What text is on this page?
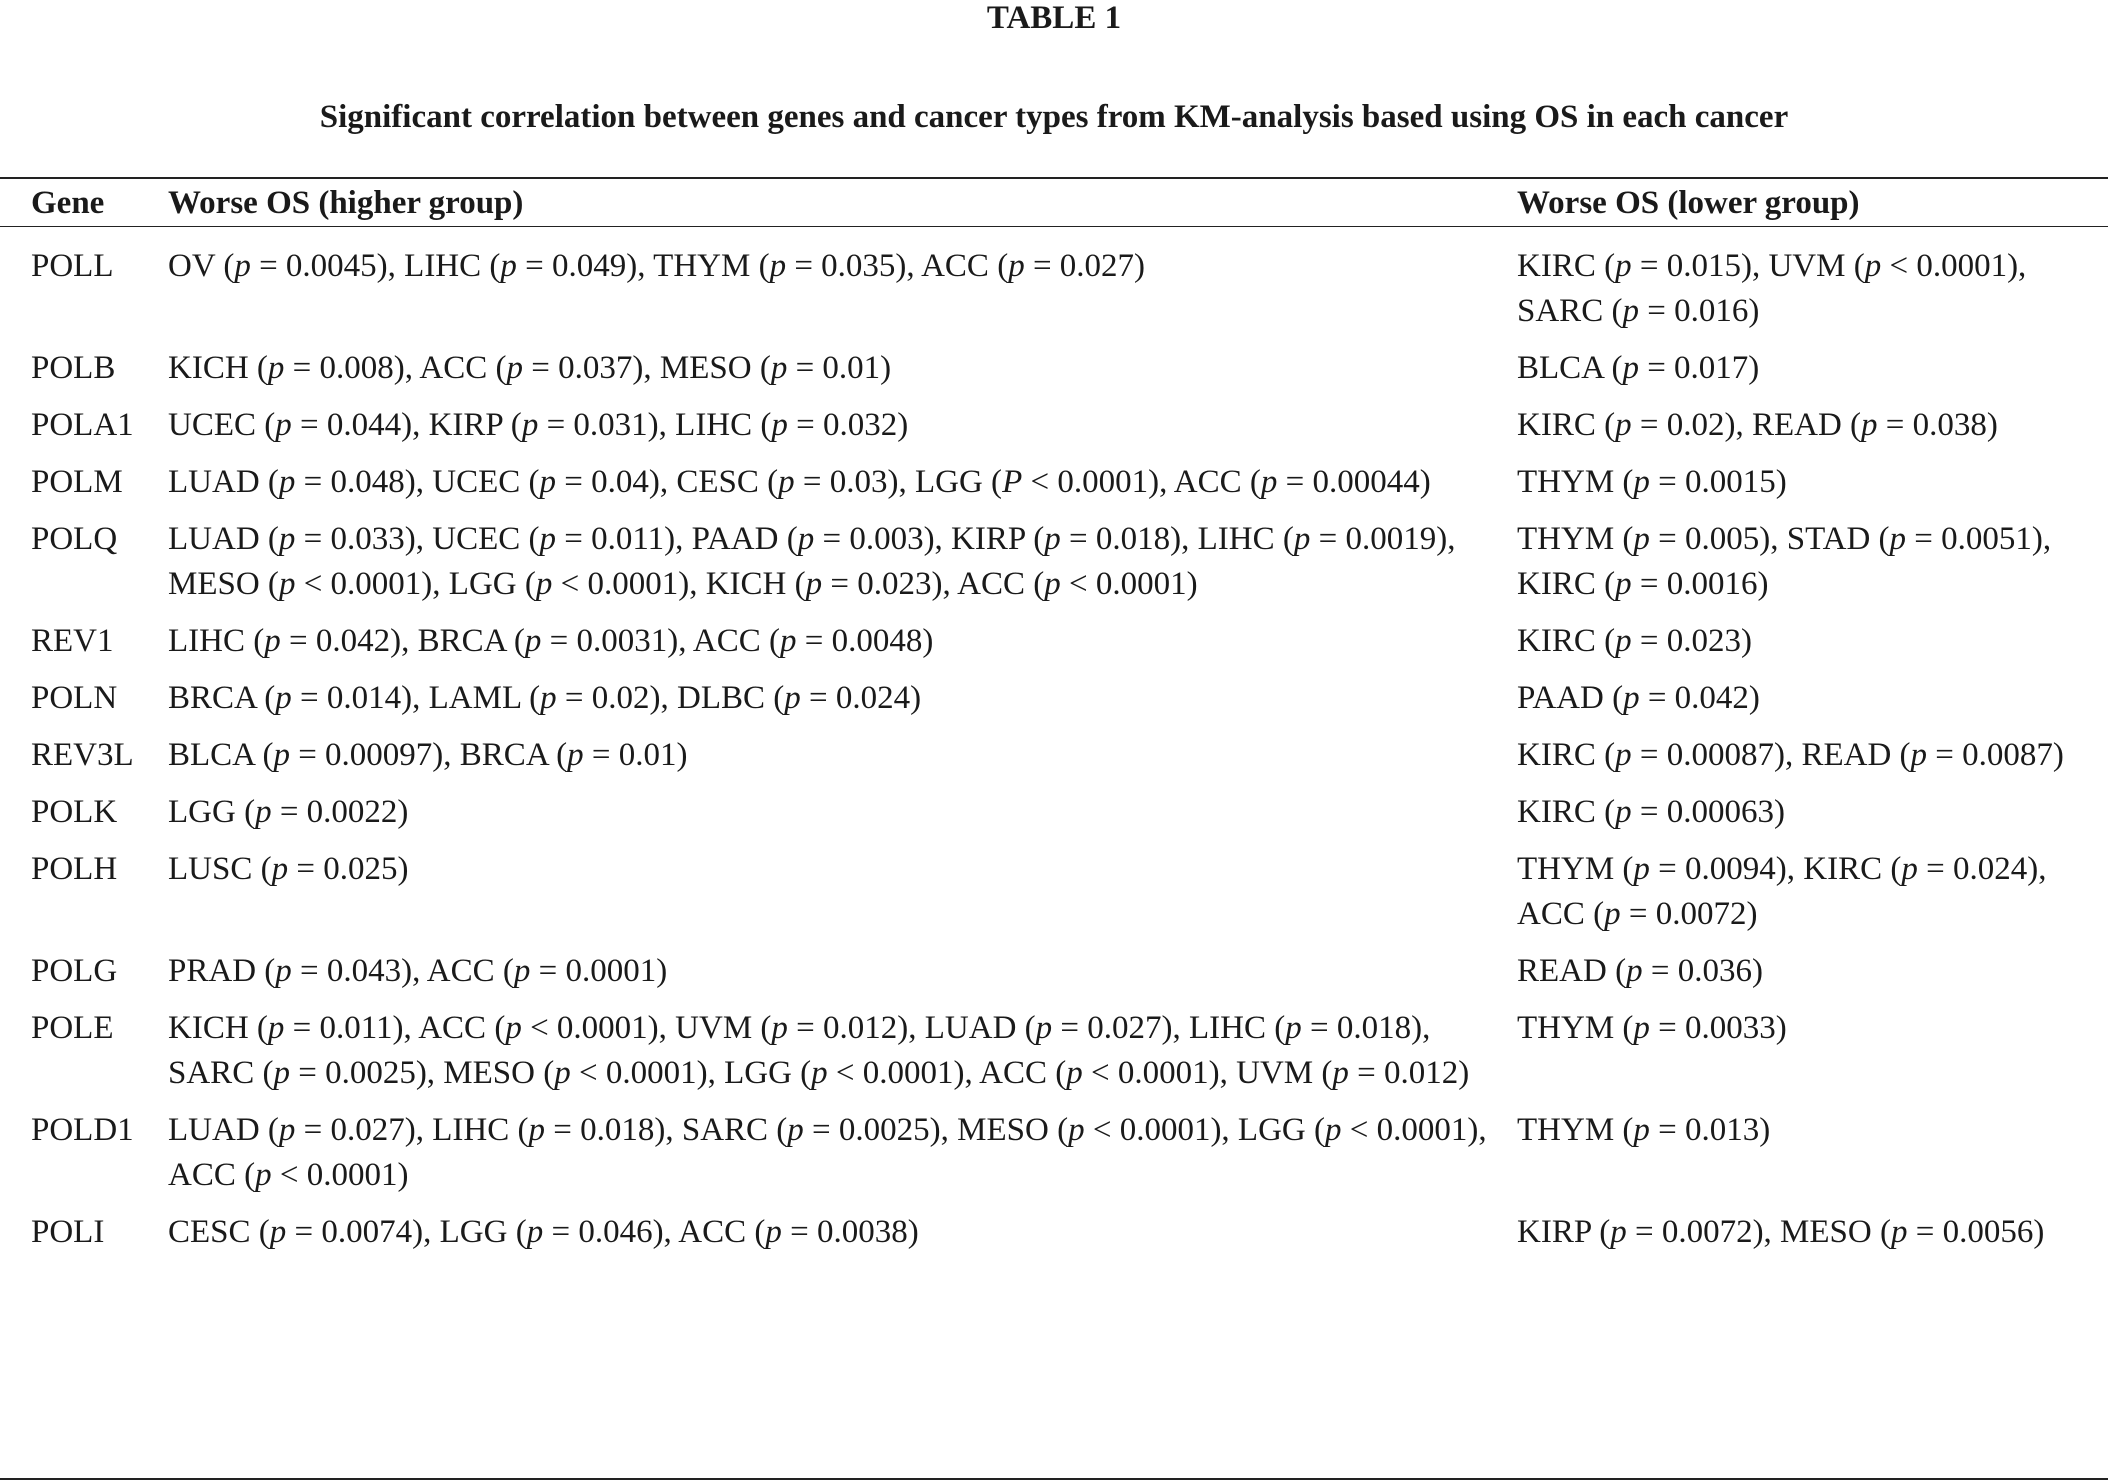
TABLE 1

Significant correlation between genes and cancer types from KM-analysis based using OS in each cancer

Gene	Worse OS (higher group)	Worse OS (lower group)
POLL	OV (p = 0.0045), LIHC (p = 0.049), THYM (p = 0.035), ACC (p = 0.027)	KIRC (p = 0.015), UVM (p < 0.0001), SARC (p = 0.016)

POLB	KICH (p = 0.008), ACC (p = 0.037), MESO (p = 0.01)	BLCA (p = 0.017)

POLA1	UCEC (p = 0.044), KIRP (p = 0.031), LIHC (p = 0.032)	KIRC (p = 0.02), READ (p = 0.038)

POLM	LUAD (p = 0.048), UCEC (p = 0.04), CESC (p = 0.03), LGG (P < 0.0001), ACC (p = 0.00044)	THYM (p = 0.0015)

POLQ	LUAD (p = 0.033), UCEC (p = 0.011), PAAD (p = 0.003), KIRP (p = 0.018), LIHC (p = 0.0019), MESO (p < 0.0001), LGG (p < 0.0001), KICH (p = 0.023), ACC (p < 0.0001)	THYM (p = 0.005), STAD (p = 0.0051), KIRC (p = 0.0016)

REV1	LIHC (p = 0.042), BRCA (p = 0.0031), ACC (p = 0.0048)	KIRC (p = 0.023)

POLN	BRCA (p = 0.014), LAML (p = 0.02), DLBC (p = 0.024)	PAAD (p = 0.042)

REV3L	BLCA (p = 0.00097), BRCA (p = 0.01)	KIRC (p = 0.00087), READ (p = 0.0087)

POLK	LGG (p = 0.0022)	KIRC (p = 0.00063)

POLH	LUSC (p = 0.025)	THYM (p = 0.0094), KIRC (p = 0.024), ACC (p = 0.0072)

POLG	PRAD (p = 0.043), ACC (p = 0.0001)	READ (p = 0.036)

POLE	KICH (p = 0.011), ACC (p < 0.0001), UVM (p = 0.012), LUAD (p = 0.027), LIHC (p = 0.018), SARC (p = 0.0025), MESO (p < 0.0001), LGG (p < 0.0001), ACC (p < 0.0001), UVM (p = 0.012)	THYM (p = 0.0033)

POLD1	LUAD (p = 0.027), LIHC (p = 0.018), SARC (p = 0.0025), MESO (p < 0.0001), LGG (p < 0.0001), ACC (p < 0.0001)	THYM (p = 0.013)

POLI	CESC (p = 0.0074), LGG (p = 0.046), ACC (p = 0.0038)	KIRP (p = 0.0072), MESO (p = 0.0056)
